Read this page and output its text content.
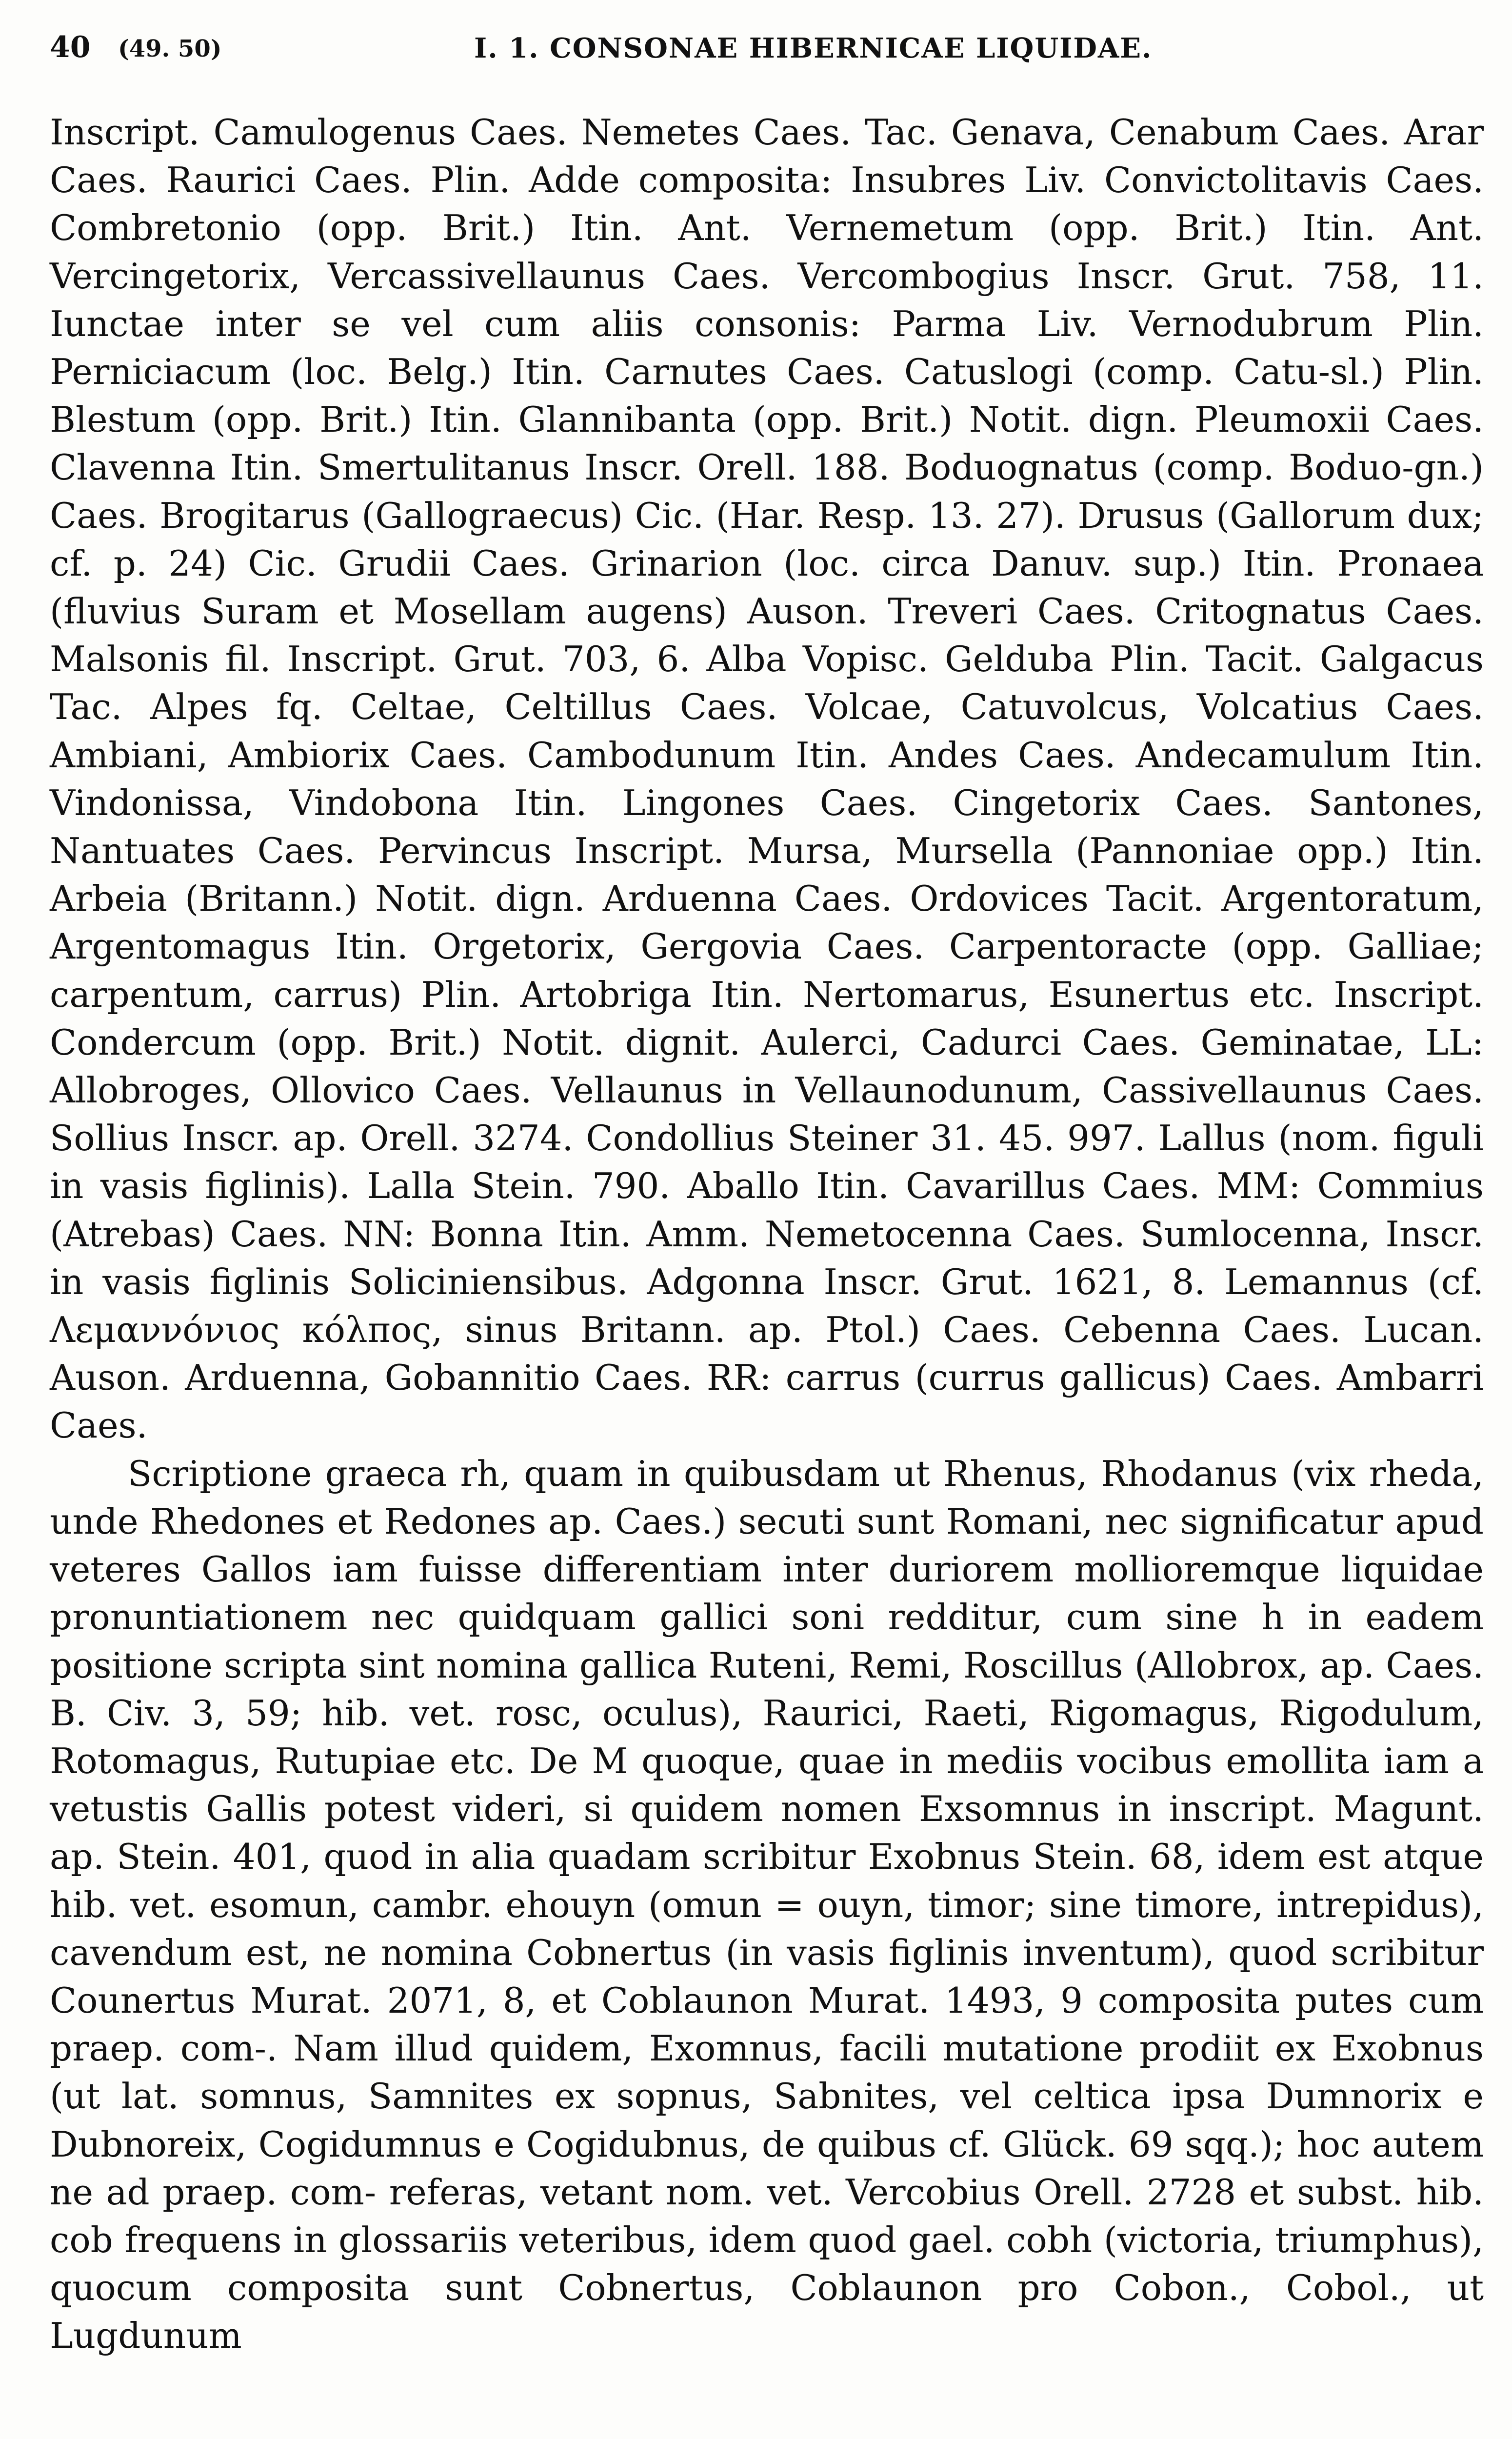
40 (49. 50)	I. 1. CONSONAE HIBERNICAE LIQUIDAE.

Inscript. Camulogenus Caes. Nemetes Caes. Tac. Genava, Cenabum Caes. Arar Caes. Raurici Caes. Plin. Adde composita: Insubres Liv. Convictolitavis Caes. Combretonio (opp. Brit.) Itin. Ant. Vernemetum (opp. Brit.) Itin. Ant. Vercingetorix, Vercassivellaunus Caes. Vercombogius Inscr. Grut. 758, 11. Iunctae inter se vel cum aliis consonis: Parma Liv. Vernodubrum Plin. Perniciacum (loc. Belg.) Itin. Carnutes Caes. Catuslogi (comp. Catu-sl.) Plin. Blestum (opp. Brit.) Itin. Glannibanta (opp. Brit.) Notit. dign. Pleumoxii Caes. Clavenna Itin. Smertulitanus Inscr. Orell. 188. Boduognatus (comp. Boduo-gn.) Caes. Brogitarus (Gallograecus) Cic. (Har. Resp. 13. 27). Drusus (Gallorum dux; cf. p. 24) Cic. Grudii Caes. Grinarion (loc. circa Danuv. sup.) Itin. Pronaea (fluvius Suram et Mosellam augens) Auson. Treveri Caes. Critognatus Caes. Malsonis fil. Inscript. Grut. 703, 6. Alba Vopisc. Gelduba Plin. Tacit. Galgacus Tac. Alpes fq. Celtae, Celtillus Caes. Volcae, Catuvolcus, Volcatius Caes. Ambiani, Ambiorix Caes. Cambodunum Itin. Andes Caes. Andecamulum Itin. Vindonissa, Vindobona Itin. Lingones Caes. Cingetorix Caes. Santones, Nantuates Caes. Pervincus Inscript. Mursa, Mursella (Pannoniae opp.) Itin. Arbeia (Britann.) Notit. dign. Arduenna Caes. Ordovices Tacit. Argentoratum, Argentomagus Itin. Orgetorix, Gergovia Caes. Carpentoracte (opp. Galliae; carpentum, carrus) Plin. Artobriga Itin. Nertomarus, Esunertus etc. Inscript. Condercum (opp. Brit.) Notit. dignit. Aulerci, Cadurci Caes. Geminatae, LL: Allobroges, Ollovico Caes. Vellaunus in Vellaunodunum, Cassivellaunus Caes. Sollius Inscr. ap. Orell. 3274. Condollius Steiner 31. 45. 997. Lallus (nom. figuli in vasis figlinis). Lalla Stein. 790. Aballo Itin. Cavarillus Caes. MM: Commius (Atrebas) Caes. NN: Bonna Itin. Amm. Nemetocenna Caes. Sumlocenna, Inscr. in vasis figlinis Soliciniensibus. Adgonna Inscr. Grut. 1621, 8. Lemannus (cf. Λεμαννόνιος κόλπος, sinus Britann. ap. Ptol.) Caes. Cebenna Caes. Lucan. Auson. Arduenna, Gobannitio Caes. RR: carrus (currus gallicus) Caes. Ambarri Caes.

Scriptione graeca rh, quam in quibusdam ut Rhenus, Rhodanus (vix rheda, unde Rhedones et Redones ap. Caes.) secuti sunt Romani, nec significatur apud veteres Gallos iam fuisse differentiam inter duriorem mollioremque liquidae pronuntiationem nec quidquam gallici soni redditur, cum sine h in eadem positione scripta sint nomina gallica Ruteni, Remi, Roscillus (Allobrox, ap. Caes. B. Civ. 3, 59; hib. vet. rosc, oculus), Raurici, Raeti, Rigomagus, Rigodulum, Rotomagus, Rutupiae etc. De M quoque, quae in mediis vocibus emollita iam a vetustis Gallis potest videri, si quidem nomen Exsomnus in inscript. Magunt. ap. Stein. 401, quod in alia quadam scribitur Exobnus Stein. 68, idem est atque hib. vet. esomun, cambr. ehouyn (omun = ouyn, timor; sine timore, intrepidus), cavendum est, ne nomina Cobnertus (in vasis figlinis inventum), quod scribitur Counertus Murat. 2071, 8, et Coblaunon Murat. 1493, 9 composita putes cum praep. com-. Nam illud quidem, Exomnus, facili mutatione prodiit ex Exobnus (ut lat. somnus, Samnites ex sopnus, Sabnites, vel celtica ipsa Dumnorix e Dubnoreix, Cogidumnus e Cogidubnus, de quibus cf. Glück. 69 sqq.); hoc autem ne ad praep. com- referas, vetant nom. vet. Vercobius Orell. 2728 et subst. hib. cob frequens in glossariis veteribus, idem quod gael. cobh (victoria, triumphus), quocum composita sunt Cobnertus, Coblaunon pro Cobon., Cobol., ut Lugdunum
